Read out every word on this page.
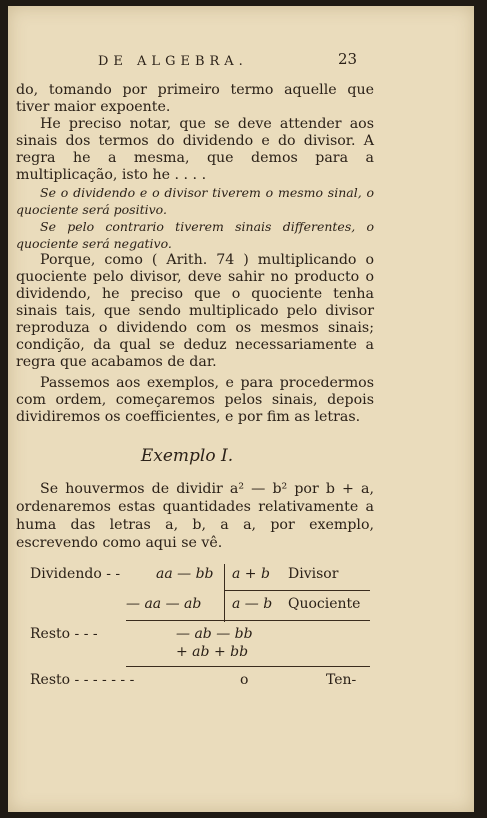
DE ALGEBRA.	23

do, tomando por primeiro termo aquelle que tiver maior expoente.

He preciso notar, que se deve attender aos sinais dos termos do dividendo e do divisor. A regra he a mesma, que demos para a multiplicação, isto he . . . .

Se o dividendo e o divisor tiverem o mesmo sinal, o quociente será positivo.

Se pelo contrario tiverem sinais differentes, o quociente será negativo.

Porque, como ( Arith. 74 ) multiplicando o quociente pelo divisor, deve sahir no producto o dividendo, he preciso que o quociente tenha sinais tais, que sendo multiplicado pelo divisor reproduza o dividendo com os mesmos sinais; condição, da qual se deduz necessariamente a regra que acabamos de dar.

Passemos aos exemplos, e para procedermos com ordem, começaremos pelos sinais, depois dividiremos os coefficientes, e por fim as letras.

Exemplo I.
Se houvermos de dividir a² — b² por b + a, ordenaremos estas quantidades relativamente a huma das letras a, b, a a, por exemplo, escrevendo como aqui se vê.
Dividendo - -	aa — bb a + b Divisor
— aa — ab a — b Quociente
Resto - - -	— ab — bb
+ ab + bb
Resto - - - - - - -	o	Ten-
